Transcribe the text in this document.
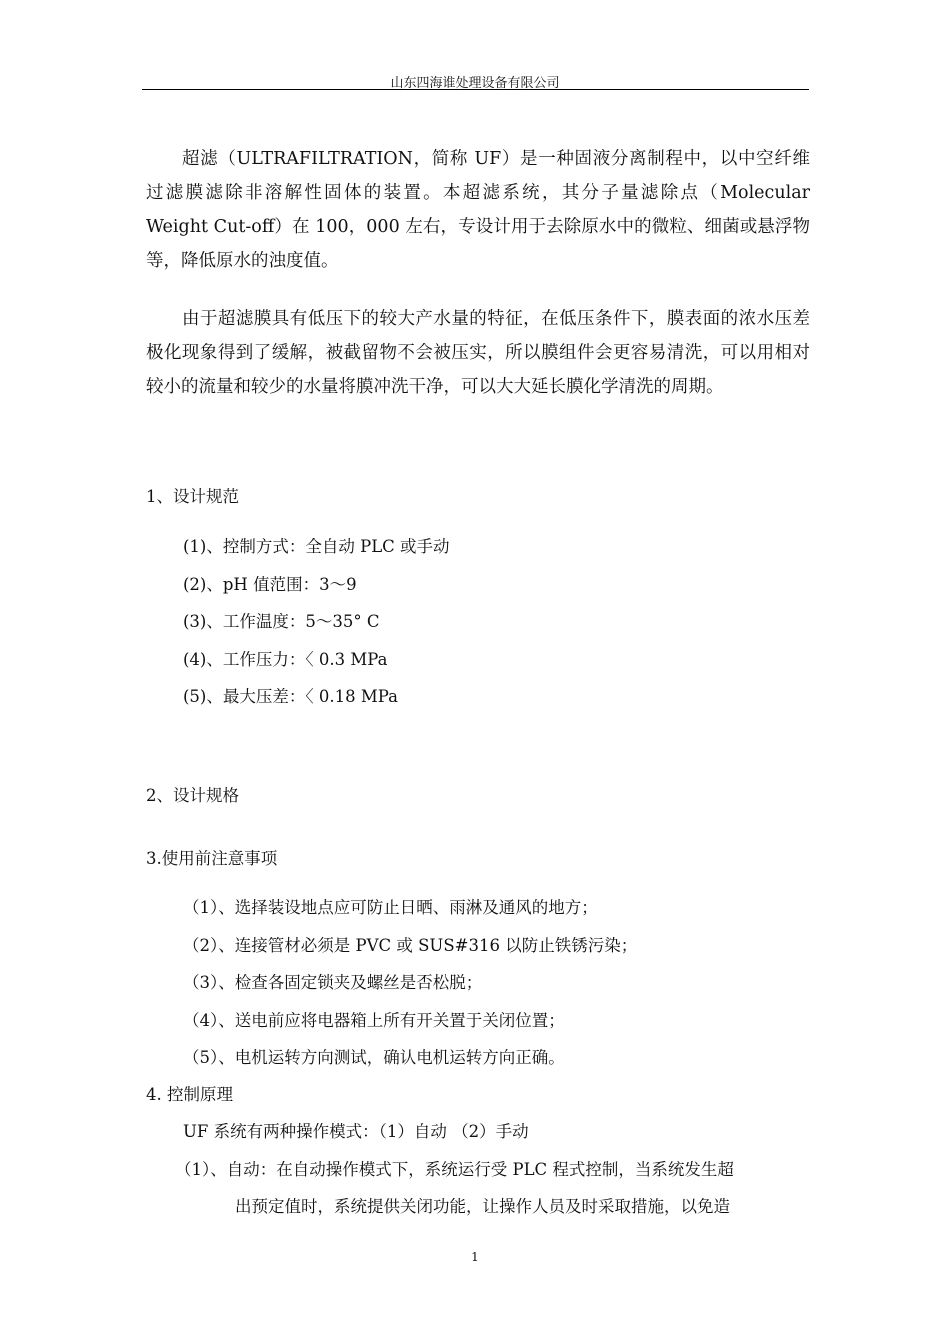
山东四海谁处理设备有限公司

超滤（ULTRAFILTRATION，简称 UF）是一种固液分离制程中，以中空纤维过滤膜滤除非溶解性固体的装置。本超滤系统，其分子量滤除点（Molecular Weight Cut-off）在 100，000 左右，专设计用于去除原水中的微粒、细菌或悬浮物等，降低原水的浊度值。

由于超滤膜具有低压下的较大产水量的特征，在低压条件下，膜表面的浓水压差极化现象得到了缓解，被截留物不会被压实，所以膜组件会更容易清洗，可以用相对较小的流量和较少的水量将膜冲洗干净，可以大大延长膜化学清洗的周期。

1、设计规范

(1)、控制方式：全自动 PLC 或手动

(2)、pH 值范围：3～9

(3)、工作温度：5～35° C

(4)、工作压力：〈 0.3 MPa

(5)、最大压差：〈 0.18 MPa

2、设计规格

3.使用前注意事项

（1）、选择装设地点应可防止日晒、雨淋及通风的地方；

（2）、连接管材必须是 PVC 或 SUS#316 以防止铁锈污染；

（3）、检查各固定锁夹及螺丝是否松脱；

（4）、送电前应将电器箱上所有开关置于关闭位置；

（5）、电机运转方向测试，确认电机运转方向正确。

4. 控制原理

UF 系统有两种操作模式：（1）自动 （2）手动

（1）、自动：在自动操作模式下，系统运行受 PLC 程式控制，当系统发生超

出预定值时，系统提供关闭功能，让操作人员及时采取措施，以免造

1
